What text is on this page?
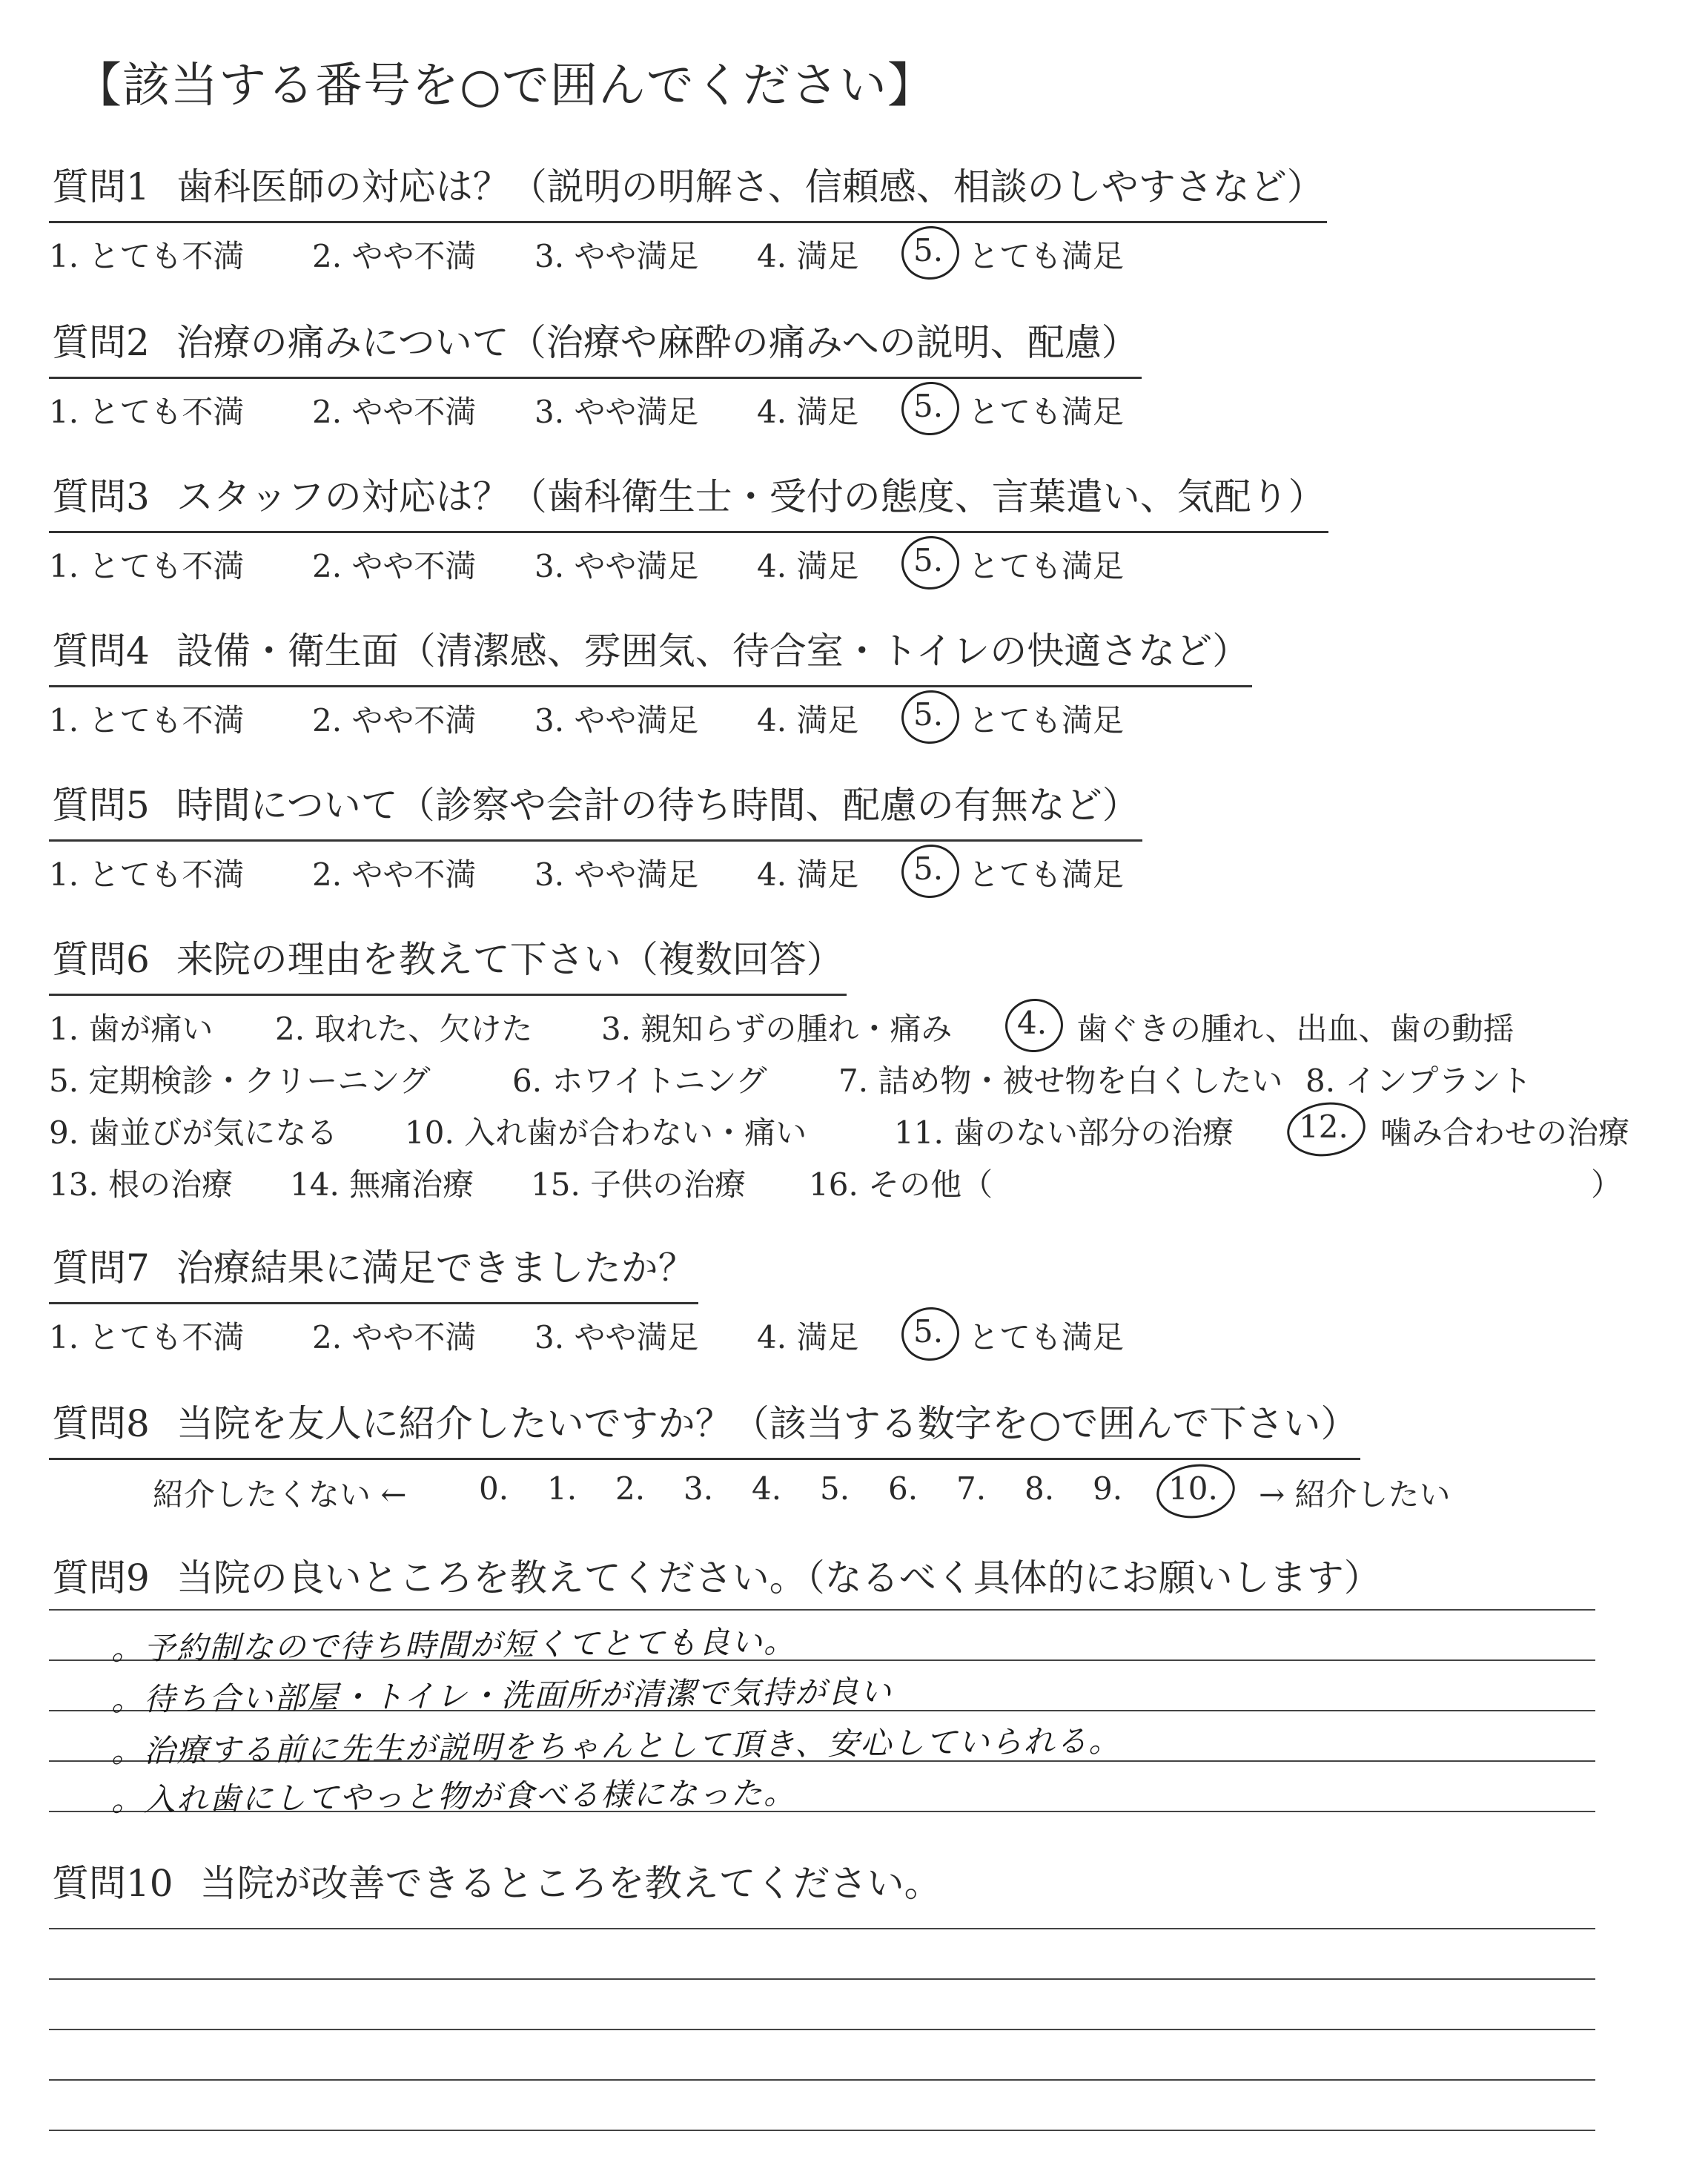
【該当する番号を○で囲んでください】
質問1 歯科医師の対応は？（説明の明解さ、信頼感、相談のしやすさなど）
1. とても不満 2. やや不満 3. やや満足 4. 満足 5. とても満足
質問2 治療の痛みについて（治療や麻酔の痛みへの説明、配慮）
1. とても不満 2. やや不満 3. やや満足 4. 満足 5. とても満足
質問3 スタッフの対応は？（歯科衛生士・受付の態度、言葉遣い、気配り）
1. とても不満 2. やや不満 3. やや満足 4. 満足 5. とても満足
質問4 設備・衛生面（清潔感、雰囲気、待合室・トイレの快適さなど）
1. とても不満 2. やや不満 3. やや満足 4. 満足 5. とても満足
質問5 時間について（診察や会計の待ち時間、配慮の有無など）
1. とても不満 2. やや不満 3. やや満足 4. 満足 5. とても満足
質問6 来院の理由を教えて下さい（複数回答）
1. 歯が痛い 2. 取れた、欠けた 3. 親知らずの腫れ・痛み 4. 歯ぐきの腫れ、出血、歯の動揺
5. 定期検診・クリーニング	6. ホワイトニング 7. 詰め物・被せ物を白くしたい 8. インプラント
9. 歯並びが気になる 10. 入れ歯が合わない・痛い	11. 歯のない部分の治療 12. 噛み合わせの治療
13. 根の治療 14. 無痛治療 15. 子供の治療 16. その他（	）
質問7 治療結果に満足できましたか？
1. とても不満 2. やや不満 3. やや満足 4. 満足 5. とても満足
質問8 当院を友人に紹介したいですか？（該当する数字を○で囲んで下さい）
紹介したくない ← 0. 1. 2. 3. 4. 5. 6. 7. 8. 9. 10. → 紹介したい
質問9 当院の良いところを教えてください。（なるべく具体的にお願いします）
。予約制なので待ち時間が短くてとても良い。
。待ち合い部屋・トイレ・洗面所が清潔で気持が良い
。治療する前に先生が説明をちゃんとして頂き、安心していられる。
。入れ歯にしてやっと物が食べる様になった。
質問10 当院が改善できるところを教えてください。
